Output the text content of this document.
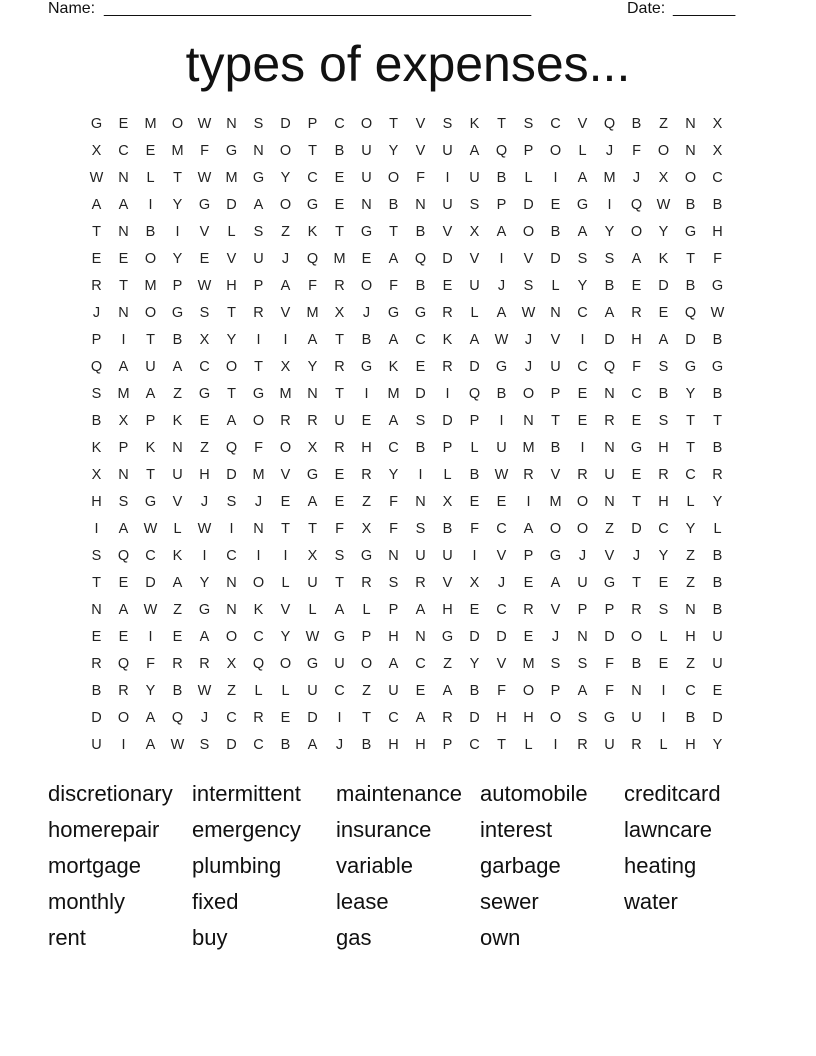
Name: ________________________________________________	Date: _______
types of expenses...
G	E	M	O	W	N	S	D	P	C	O	T	V	S	K	T	S	C	V	Q	B	Z	N	X
X	C	E	M	F	G	N	O	T	B	U	Y	V	U	A	Q	P	O	L	J	F	O	N	X
W	N	L	T	W M	G	Y	C	E	U	O	F	I	U	B	L	I	A	M	J	X	O	C
A	A	I	Y	G	D	A	O	G	E	N	B	N	U	S	P	D	E	G	I	Q	W	B	B
T	N	B	I	V	L	S	Z	K	T	G	T	B	V	X	A	O	B	A	Y	O	Y	G	H
E	E	O	Y	E	V	U	J	Q	M	E	A	Q	D	V	I	V	D	S	S	A	K	T	F
R	T	M	P	W	H	P	A	F	R	O	F	B	E	U	J	S	L	Y	B	E	D	B	G
J	N	O	G	S	T	R	V	M	X	J	G	G	R	L	A	W	N	C	A	R	E	Q	W
P	I	T	B	X	Y	I	I	A	T	B	A	C	K	A	W	J	V	I	D	H	A	D	B
Q	A	U	A	C	O	T	X	Y	R	G	K	E	R	D	G	J	U	C	Q	F	S	G	G
S	M	A	Z	G	T	G	M	N	T	I	M	D	I	Q	B	O	P	E	N	C	B	Y	B
B	X	P	K	E	A	O	R	R	U	E	A	S	D	P	I	N	T	E	R	E	S	T	T
K	P	K	N	Z	Q	F	O	X	R	H	C	B	P	L	U	M	B	I	N	G	H	T	B
X	N	T	U	H	D	M	V	G	E	R	Y	I	L	B	W	R	V	R	U	E	R	C	R
H	S	G	V	J	S	J	E	A	E	Z	F	N	X	E	E	I	M	O	N	T	H	L	Y
I	A	W	L	W	I	N	T	T	F	X	F	S	B	F	C	A	O	O	Z	D	C	Y	L
S	Q	C	K	I	C	I	I	X	S	G	N	U	U	I	V	P	G	J	V	J	Y	Z	B
T	E	D	A	Y	N	O	L	U	T	R	S	R	V	X	J	E	A	U	G	T	E	Z	B
N	A	W	Z	G	N	K	V	L	A	L	P	A	H	E	C	R	V	P	P	R	S	N	B
E	E	I	E	A	O	C	Y	W	G	P	H	N	G	D	D	E	J	N	D	O	L	H	U
R	Q	F	R	R	X	Q	O	G	U	O	A	C	Z	Y	V	M	S	S	F	B	E	Z	U
B	R	Y	B	W	Z	L	L	U	C	Z	U	E	A	B	F	O	P	A	F	N	I	C	E
D	O	A	Q	J	C	R	E	D	I	T	C	A	R	D	H	H	O	S	G	U	I	B	D
U	I	A	W	S	D	C	B	A	J	B	H	H	P	C	T	L	I	R	U	R	L	H	Y
discretionary intermittent	maintenance automobile	creditcard
homerepair	emergency	insurance	interest	lawncare
mortgage	plumbing	variable	garbage	heating
monthly	fixed	lease	sewer	water
rent	buy	gas	own
